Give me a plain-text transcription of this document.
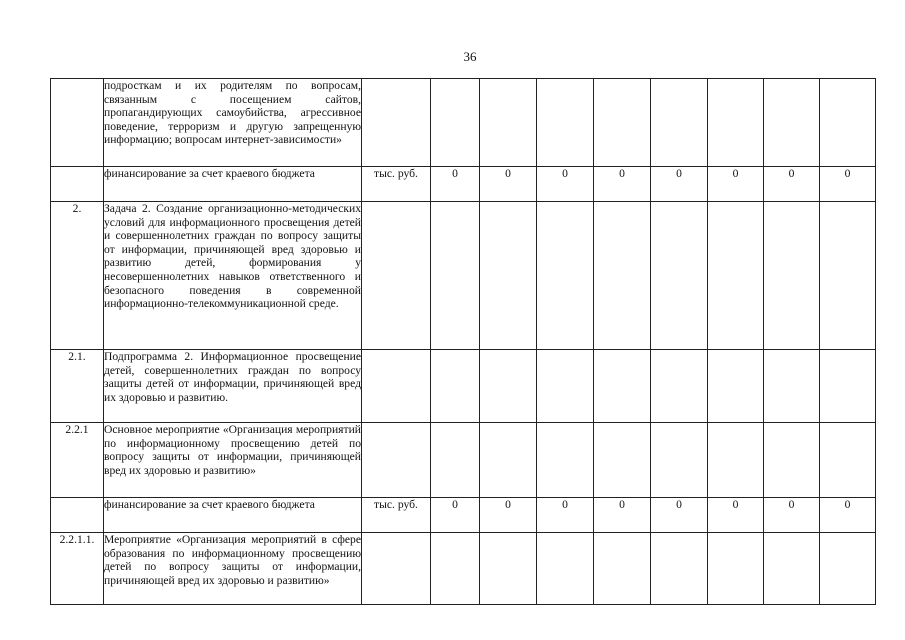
36
	подросткам и их родителям по вопросам, связанным с посещением сайтов, пропагандирующих самоубийства, агрессивное поведение, терроризм и другую запрещенную информацию; вопросам интернет-зависимости»									
	финансирование за счет краевого бюджета	тыс. руб.	0	0	0	0	0	0	0	0
2.	Задача 2. Создание организационно-методических условий для информационного просвещения детей и совершеннолетних граждан по вопросу защиты от информации, причиняющей вред здоровью и развитию детей, формирования у несовершеннолетних навыков ответственного и безопасного поведения в современной информационно-телекоммуникационной среде.									
2.1.	Подпрограмма 2. Информационное просвещение детей, совершеннолетних граждан по вопросу защиты детей от информации, причиняющей вред их здоровью и развитию.									
2.2.1	Основное мероприятие «Организация мероприятий по информационному просвещению детей по вопросу защиты от информации, причиняющей вред их здоровью и развитию»									
	финансирование за счет краевого бюджета	тыс. руб.	0	0	0	0	0	0	0	0
2.2.1.1.	Мероприятие «Организация мероприятий в сфере образования по информационному просвещению детей по вопросу защиты от информации, причиняющей вред их здоровью и развитию»									
